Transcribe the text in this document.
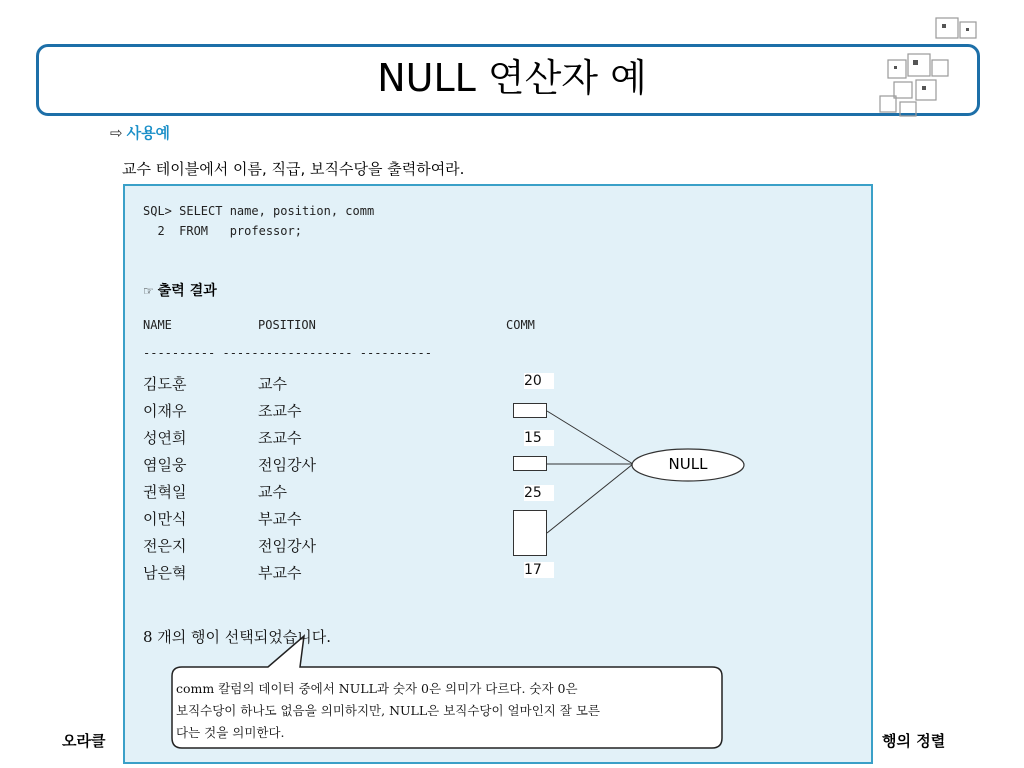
NULL 연산자 예
⇨ 사용예
교수 테이블에서 이름, 직급, 보직수당을 출력하여라.
SQL> SELECT name, position, comm
2  FROM   professor;
☞ 출력 결과
NAME	POSITION	COMM
---------- ------------------ ----------
김도훈	교수	20
이재우	조교수
성연희	조교수	15
염일웅	전임강사
권혁일	교수	25
이만식	부교수
전은지	전임강사
남은혁	부교수	17
NULL
8 개의 행이 선택되었습니다.
comm 칼럼의 데이터 중에서 NULL과 숫자 0은 의미가 다르다. 숫자 0은
보직수당이 하나도 없음을 의미하지만, NULL은 보직수당이 얼마인지 잘 모른
다는 것을 의미한다.
오라클	행의 정렬
